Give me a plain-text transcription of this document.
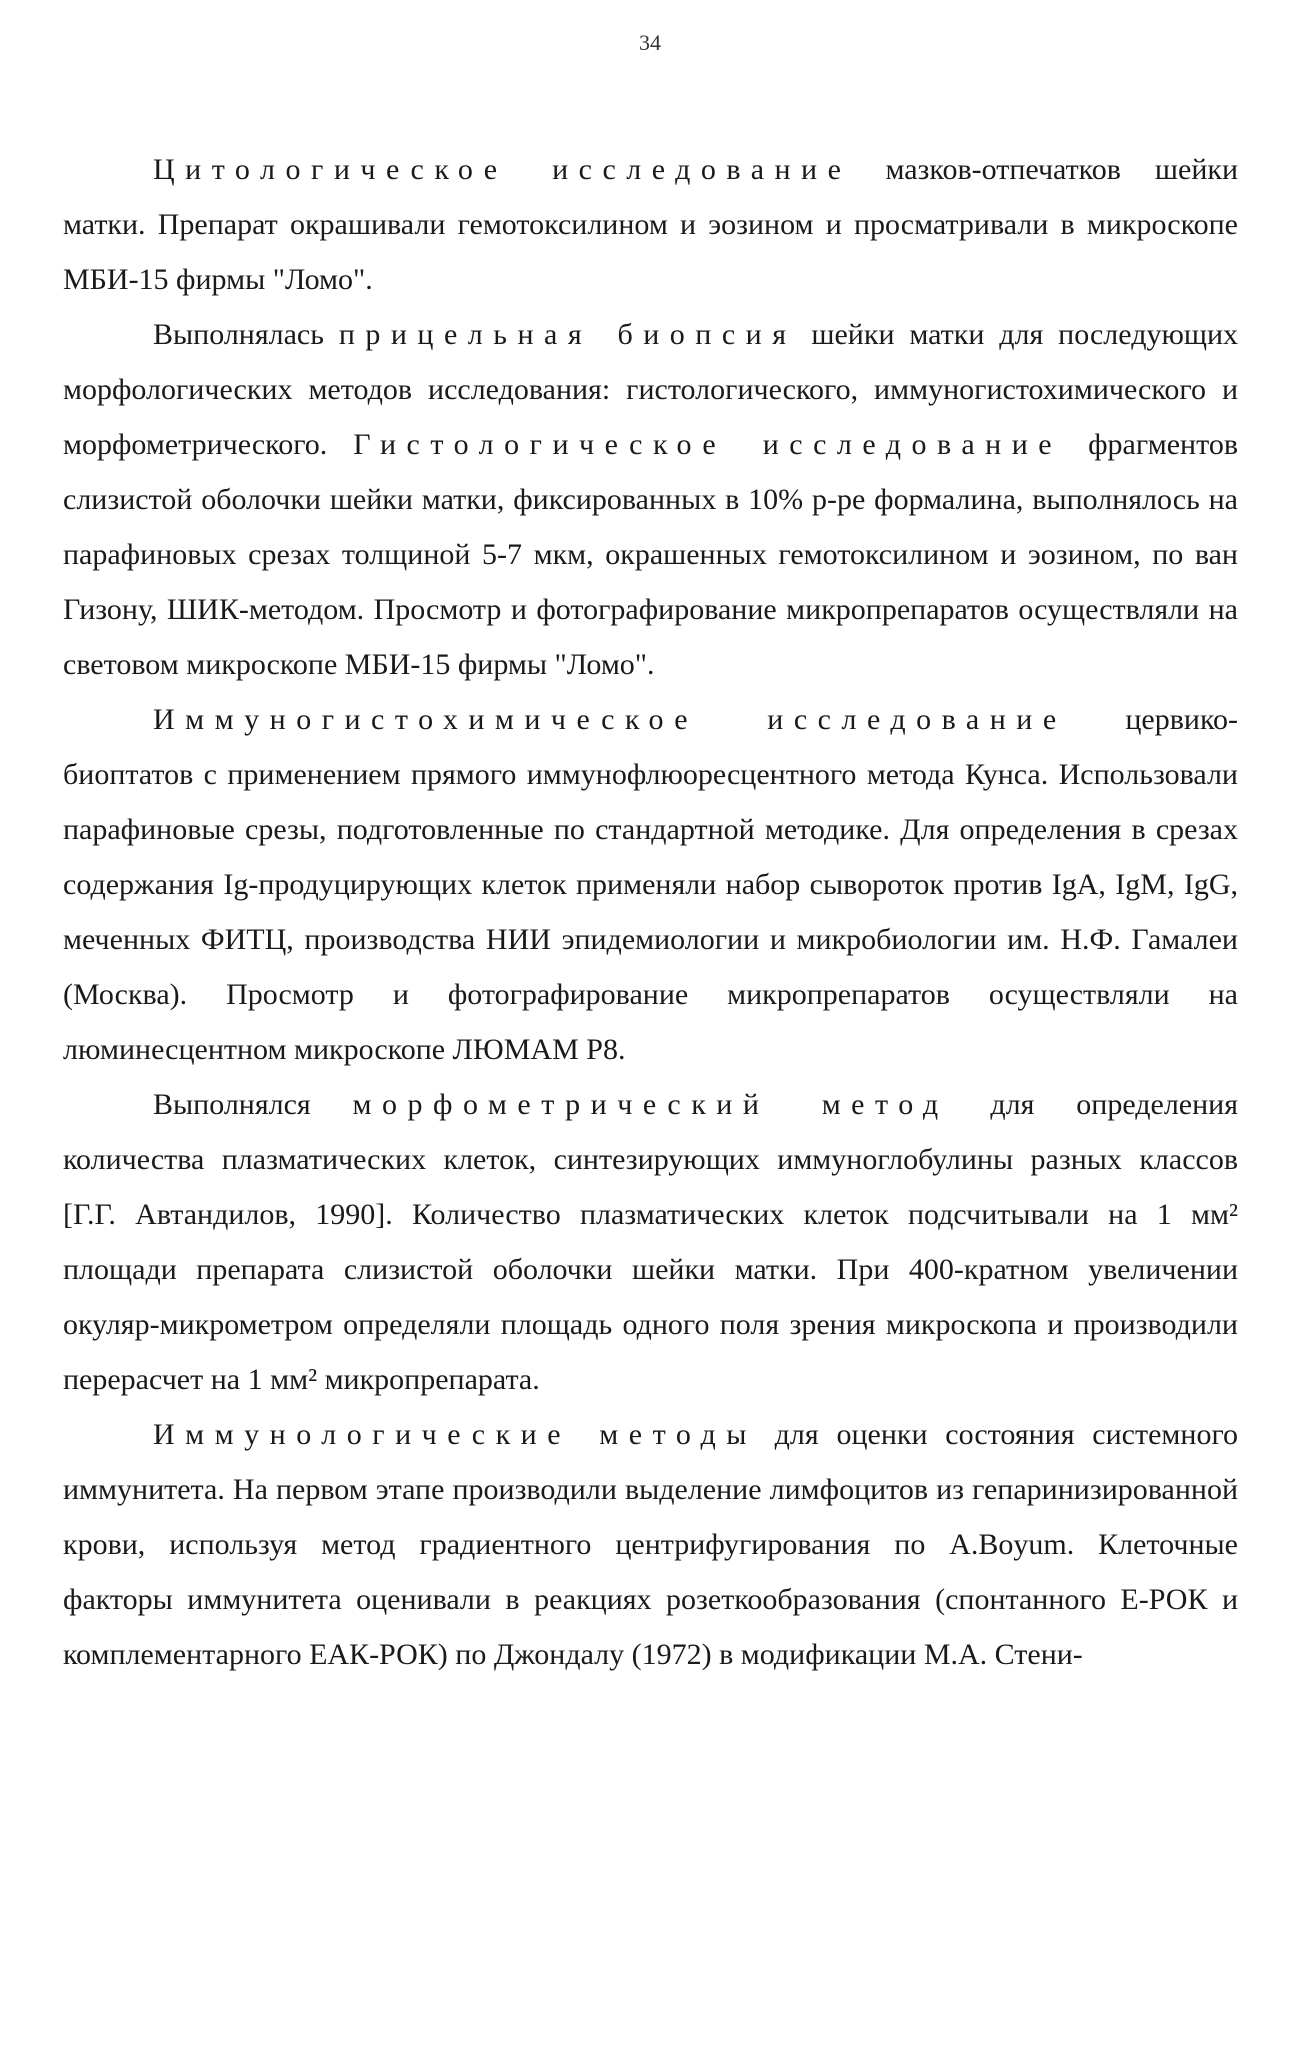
34

Цитологическое исследование мазков-отпечатков шейки матки. Препарат окрашивали гемотоксилином и эозином и просматривали в микроскопе МБИ-15 фирмы "Ломо".

Выполнялась прицельная биопсия шейки матки для последующих морфологических методов исследования: гистологического, иммуногистохимического и морфометрического. Гистологическое исследование фрагментов слизистой оболочки шейки матки, фиксированных в 10% р-ре формалина, выполнялось на парафиновых срезах толщиной 5-7 мкм, окрашенных гемотоксилином и эозином, по ван Гизону, ШИК-методом. Просмотр и фотографирование микропрепаратов осуществляли на световом микроскопе МБИ-15 фирмы "Ломо".

Иммуногистохимическое исследование цервико-биоптатов с применением прямого иммунофлюоресцентного метода Кунса. Использовали парафиновые срезы, подготовленные по стандартной методике. Для определения в срезах содержания Ig-продуцирующих клеток применяли набор сывороток против IgA, IgM, IgG, меченных ФИТЦ, производства НИИ эпидемиологии и микробиологии им. Н.Ф. Гамалеи (Москва). Просмотр и фотографирование микропрепаратов осуществляли на люминесцентном микроскопе ЛЮМАМ Р8.

Выполнялся морфометрический метод для определения количества плазматических клеток, синтезирующих иммуноглобулины разных классов [Г.Г. Автандилов, 1990]. Количество плазматических клеток подсчитывали на 1 мм² площади препарата слизистой оболочки шейки матки. При 400-кратном увеличении окуляр-микрометром определяли площадь одного поля зрения микроскопа и производили перерасчет на 1 мм² микропрепарата.

Иммунологические методы для оценки состояния системного иммунитета. На первом этапе производили выделение лимфоцитов из гепаринизированной крови, используя метод градиентного центрифугирования по A.Boyum. Клеточные факторы иммунитета оценивали в реакциях розеткообразования (спонтанного Е-РОК и комплементарного ЕАК-РОК) по Джондалу (1972) в модификации М.А. Стени-
